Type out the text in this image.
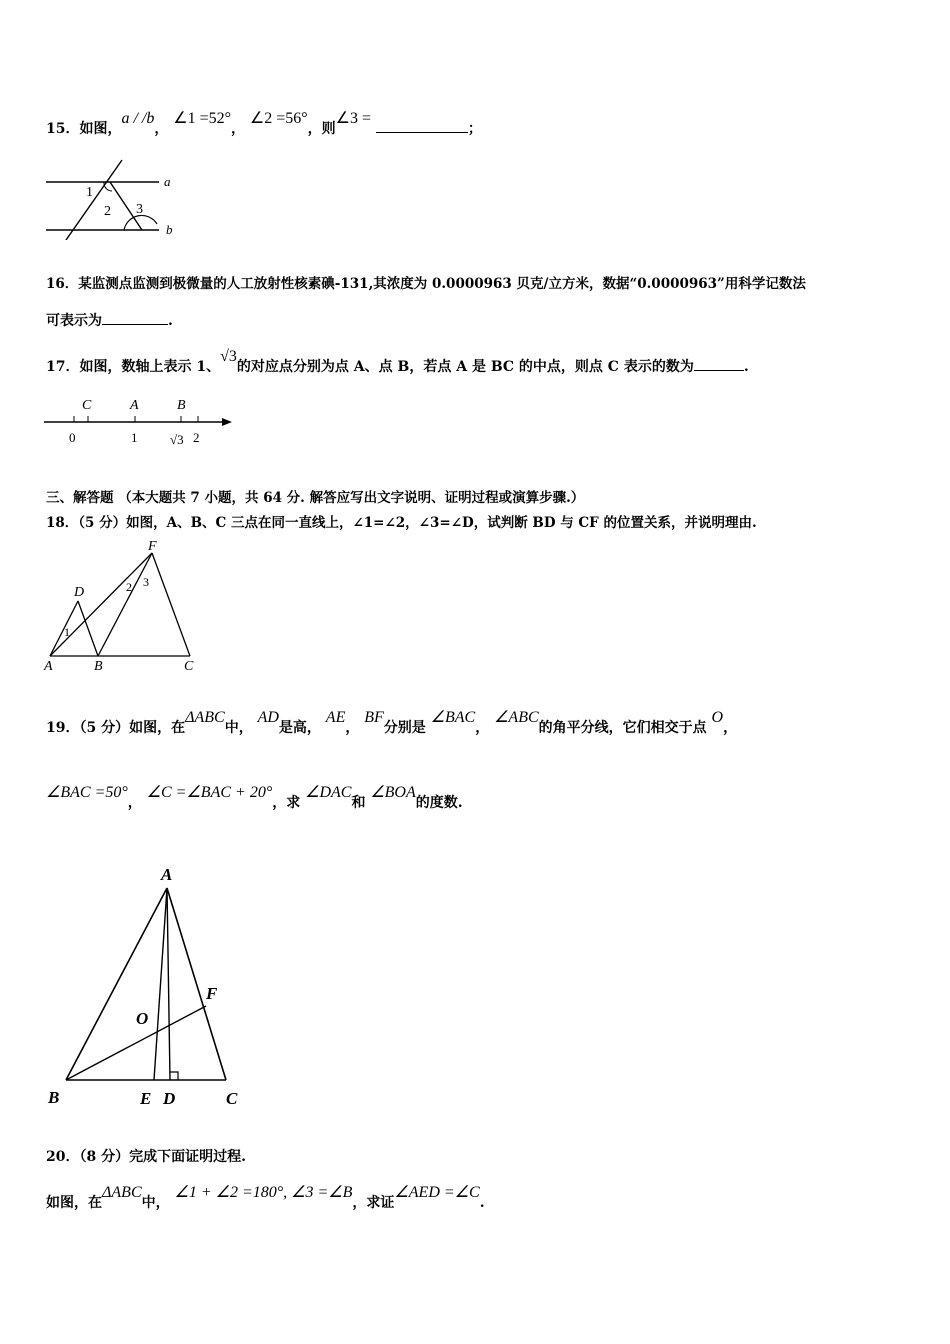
15．如图，a / /b， ∠1 =52°， ∠2 =56°，则∠3 = ；
1
2 3
a
b
16．某监测点监测到极微量的人工放射性核素碘-131,其浓度为 0.0000963 贝克/立方米，数据“0.0000963”用科学记数法
可表示为	.
17．如图，数轴上表示 1、√3的对应点分别为点 A、点 B，若点 A 是 BC 的中点，则点 C 表示的数为	.
C	A	B
0	1	√3 2
三、解答题 （本大题共 7 小题，共 64 分. 解答应写出文字说明、证明过程或演算步骤.）
18．（5 分）如图，A、B、C 三点在同一直线上，∠1=∠2，∠3=∠D，试判断 BD 与 CF 的位置关系，并说明理由.
A	B	C
D
F
1
2 3
19．（5 分）如图，在ΔABC中， AD是高， AE， BF分别是 ∠BAC， ∠ABC的角平分线，它们相交于点 O，
∠BAC =50°， ∠C =∠BAC + 20°，求 ∠DAC和 ∠BOA的度数.
A
B	C
E D
F
O
20．（8 分）完成下面证明过程.
如图，在ΔABC中， ∠1 + ∠2 =180°, ∠3 =∠B，求证∠AED =∠C.
